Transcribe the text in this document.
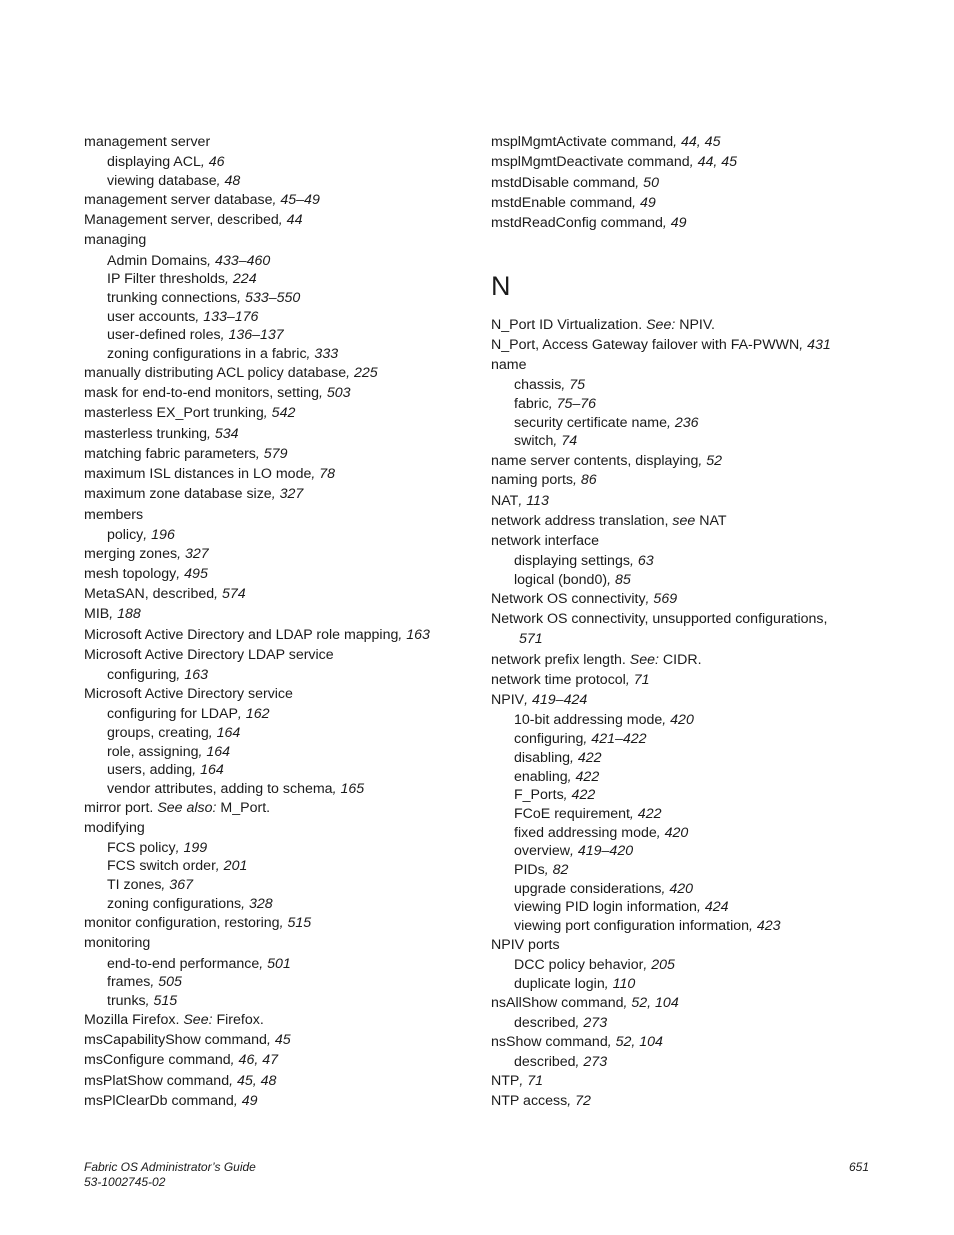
management server
displaying ACL, 46
viewing database, 48
management server database, 45–49
Management server, described, 44
managing
Admin Domains, 433–460
IP Filter thresholds, 224
trunking connections, 533–550
user accounts, 133–176
user-defined roles, 136–137
zoning configurations in a fabric, 333
manually distributing ACL policy database, 225
mask for end-to-end monitors, setting, 503
masterless EX_Port trunking, 542
masterless trunking, 534
matching fabric parameters, 579
maximum ISL distances in LO mode, 78
maximum zone database size, 327
members
policy, 196
merging zones, 327
mesh topology, 495
MetaSAN, described, 574
MIB, 188
Microsoft Active Directory and LDAP role mapping, 163
Microsoft Active Directory LDAP service
configuring, 163
Microsoft Active Directory service
configuring for LDAP, 162
groups, creating, 164
role, assigning, 164
users, adding, 164
vendor attributes, adding to schema, 165
mirror port. See also: M_Port.
modifying
FCS policy, 199
FCS switch order, 201
TI zones, 367
zoning configurations, 328
monitor configuration, restoring, 515
monitoring
end-to-end performance, 501
frames, 505
trunks, 515
Mozilla Firefox. See: Firefox.
msCapabilityShow command, 45
msConfigure command, 46, 47
msPlatShow command, 45, 48
msPlClearDb command, 49
msplMgmtActivate command, 44, 45
msplMgmtDeactivate command, 44, 45
mstdDisable command, 50
mstdEnable command, 49
mstdReadConfig command, 49
N
N_Port ID Virtualization. See: NPIV.
N_Port, Access Gateway failover with FA-PWWN, 431
name
chassis, 75
fabric, 75–76
security certificate name, 236
switch, 74
name server contents, displaying, 52
naming ports, 86
NAT, 113
network address translation, see NAT
network interface
displaying settings, 63
logical (bond0), 85
Network OS connectivity, 569
Network OS connectivity, unsupported configurations,
571
network prefix length. See: CIDR.
network time protocol, 71
NPIV, 419–424
10-bit addressing mode, 420
configuring, 421–422
disabling, 422
enabling, 422
F_Ports, 422
FCoE requirement, 422
fixed addressing mode, 420
overview, 419–420
PIDs, 82
upgrade considerations, 420
viewing PID login information, 424
viewing port configuration information, 423
NPIV ports
DCC policy behavior, 205
duplicate login, 110
nsAllShow command, 52, 104
described, 273
nsShow command, 52, 104
described, 273
NTP, 71
NTP access, 72
Fabric OS Administrator’s Guide
53-1002745-02
651
